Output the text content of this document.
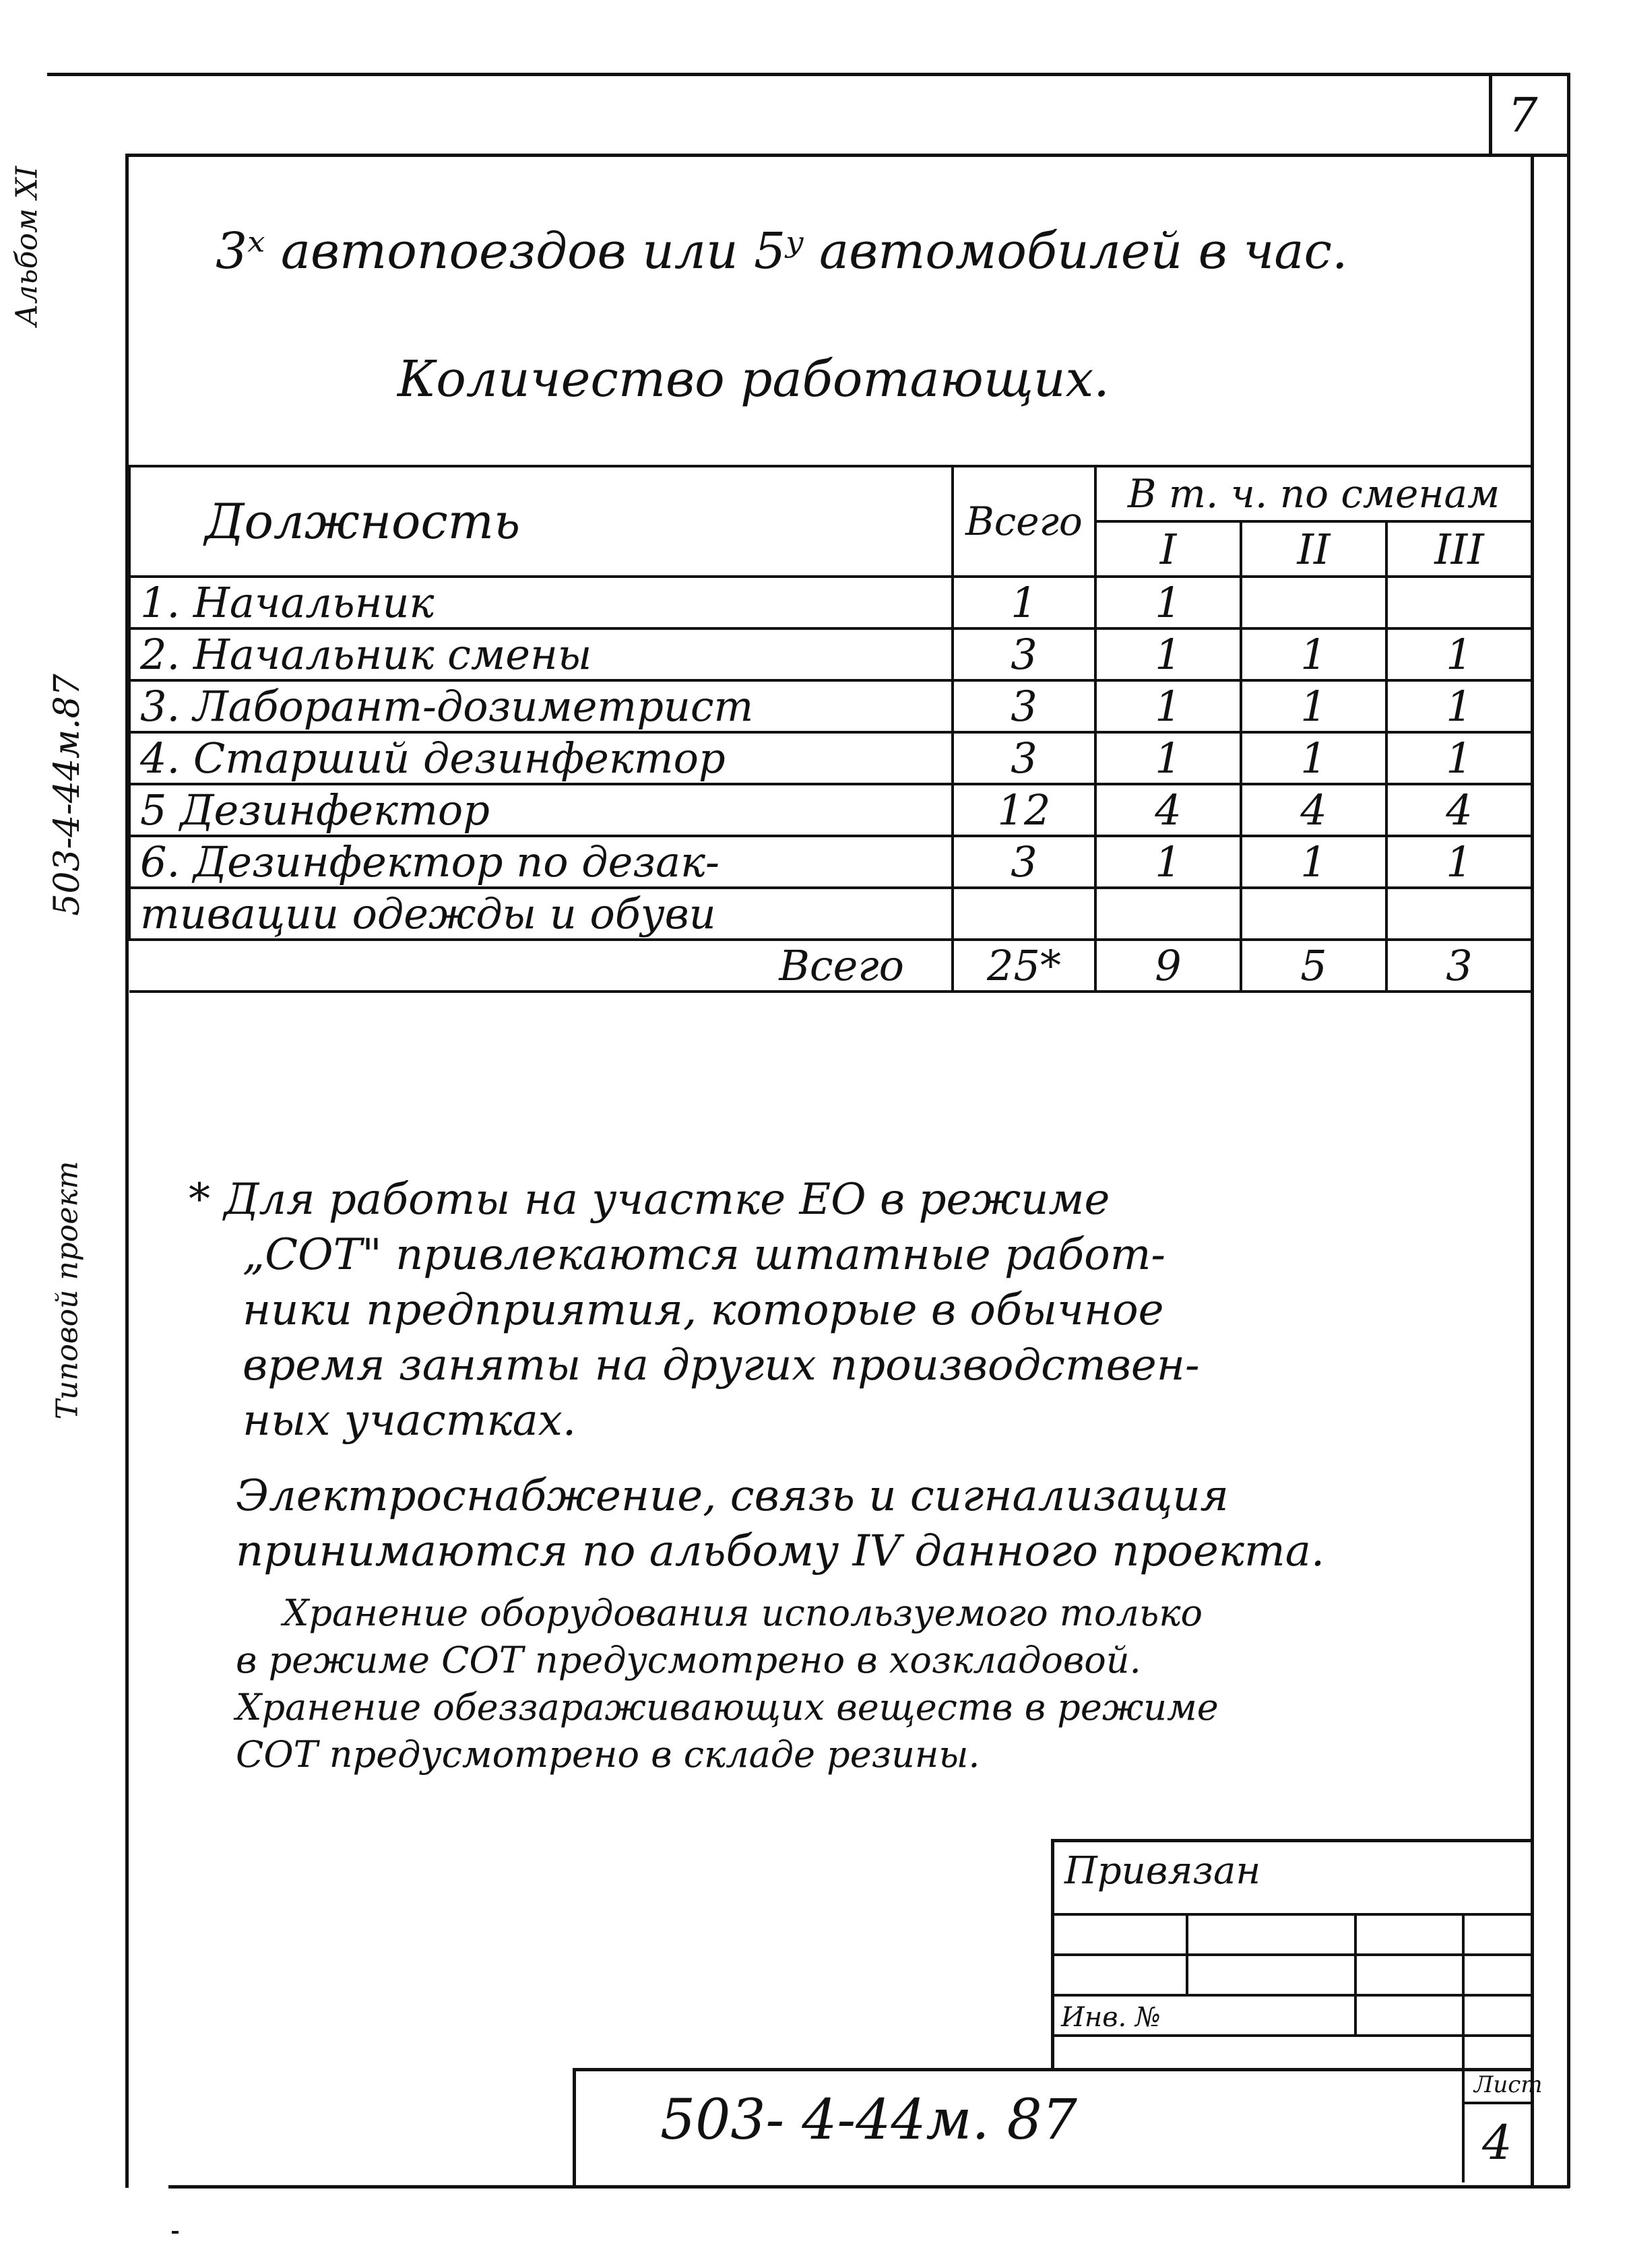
7
Альбом XI
503-4-44м.87
Типовой проект
3ˣ автопоездов или 5ʸ автомобилей в час.
Количество работающих.
Должность	Всего	В т. ч. по сменам		
		I	II	III
1. Начальник	1	1		
2. Начальник смены	3	1	1	1
3. Лаборант-дозиметрист	3	1	1	1
4. Старший дезинфектор	3	1	1	1
5 Дезинфектор	12	4	4	4
6. Дезинфектор по дезак-	3	1	1	1
тивации одежды и обуви				
Всего	25*	9	5	3
* Для работы на участке ЕО в режиме
„СОТ" привлекаются штатные работ-
ники предприятия, которые в обычное
время заняты на других производствен-
ных участках.
Электроснабжение, связь и сигнализация
принимаются по альбому IV данного проекта.
Хранение оборудования используемого только
в режиме СОТ предусмотрено в хозкладовой.
Хранение обеззараживающих веществ в режиме
СОТ предусмотрено в складе резины.
Привязан
Инв. №
503- 4-44м. 87
Лист
4
